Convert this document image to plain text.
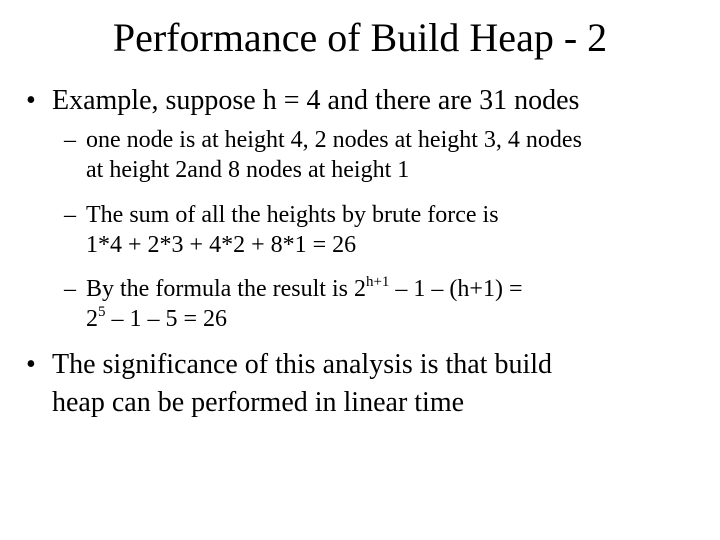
Performance of Build Heap - 2
• Example, suppose h = 4 and there are 31 nodes
– one node is at height 4, 2 nodes at height 3, 4 nodes
at height 2and 8 nodes at height 1
– The sum of all the heights by brute force is
1*4 + 2*3 + 4*2 + 8*1 = 26
– By the formula the result is $2^{h+1} - 1 - (h+1)$ =
$2^5 - 1 - 5 = 26$
• The significance of this analysis is that build
heap can be performed in linear time
